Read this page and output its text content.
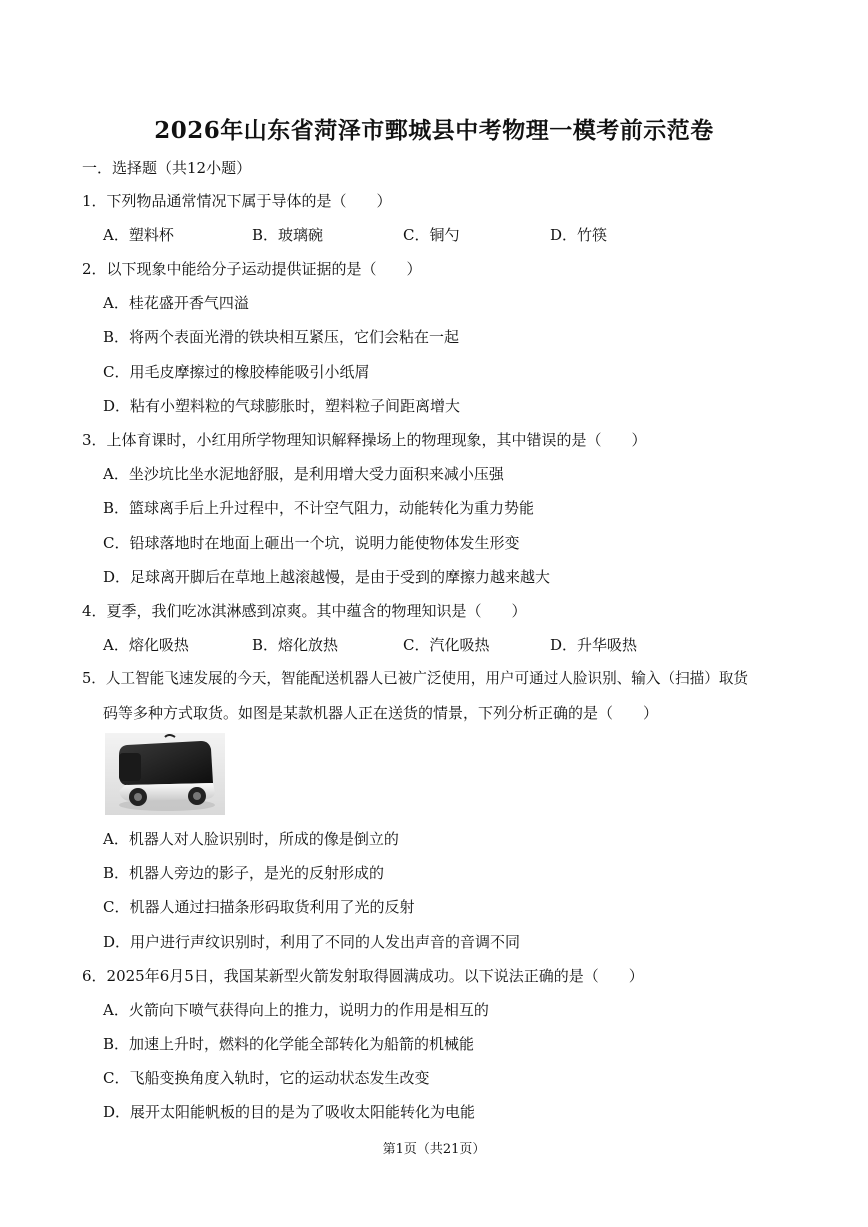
2026年山东省菏泽市鄄城县中考物理一模考前示范卷
一．选择题（共12小题）
1．下列物品通常情况下属于导体的是（　　）
A．塑料杯	B．玻璃碗	C．铜勺	D．竹筷
2．以下现象中能给分子运动提供证据的是（　　）
A．桂花盛开香气四溢
B．将两个表面光滑的铁块相互紧压，它们会粘在一起
C．用毛皮摩擦过的橡胶棒能吸引小纸屑
D．粘有小塑料粒的气球膨胀时，塑料粒子间距离增大
3．上体育课时，小红用所学物理知识解释操场上的物理现象，其中错误的是（　　）
A．坐沙坑比坐水泥地舒服，是利用增大受力面积来减小压强
B．篮球离手后上升过程中，不计空气阻力，动能转化为重力势能
C．铅球落地时在地面上砸出一个坑，说明力能使物体发生形变
D．足球离开脚后在草地上越滚越慢，是由于受到的摩擦力越来越大
4．夏季，我们吃冰淇淋感到凉爽。其中蕴含的物理知识是（　　）
A．熔化吸热	B．熔化放热	C．汽化吸热	D．升华吸热
5．人工智能飞速发展的今天，智能配送机器人已被广泛使用，用户可通过人脸识别、输入（扫描）取货
码等多种方式取货。如图是某款机器人正在送货的情景，下列分析正确的是（　　）
A．机器人对人脸识别时，所成的像是倒立的
B．机器人旁边的影子，是光的反射形成的
C．机器人通过扫描条形码取货利用了光的反射
D．用户进行声纹识别时，利用了不同的人发出声音的音调不同
6．2025年6月5日，我国某新型火箭发射取得圆满成功。以下说法正确的是（　　）
A．火箭向下喷气获得向上的推力，说明力的作用是相互的
B．加速上升时，燃料的化学能全部转化为船箭的机械能
C．飞船变换角度入轨时，它的运动状态发生改变
D．展开太阳能帆板的目的是为了吸收太阳能转化为电能
第1页（共21页）
